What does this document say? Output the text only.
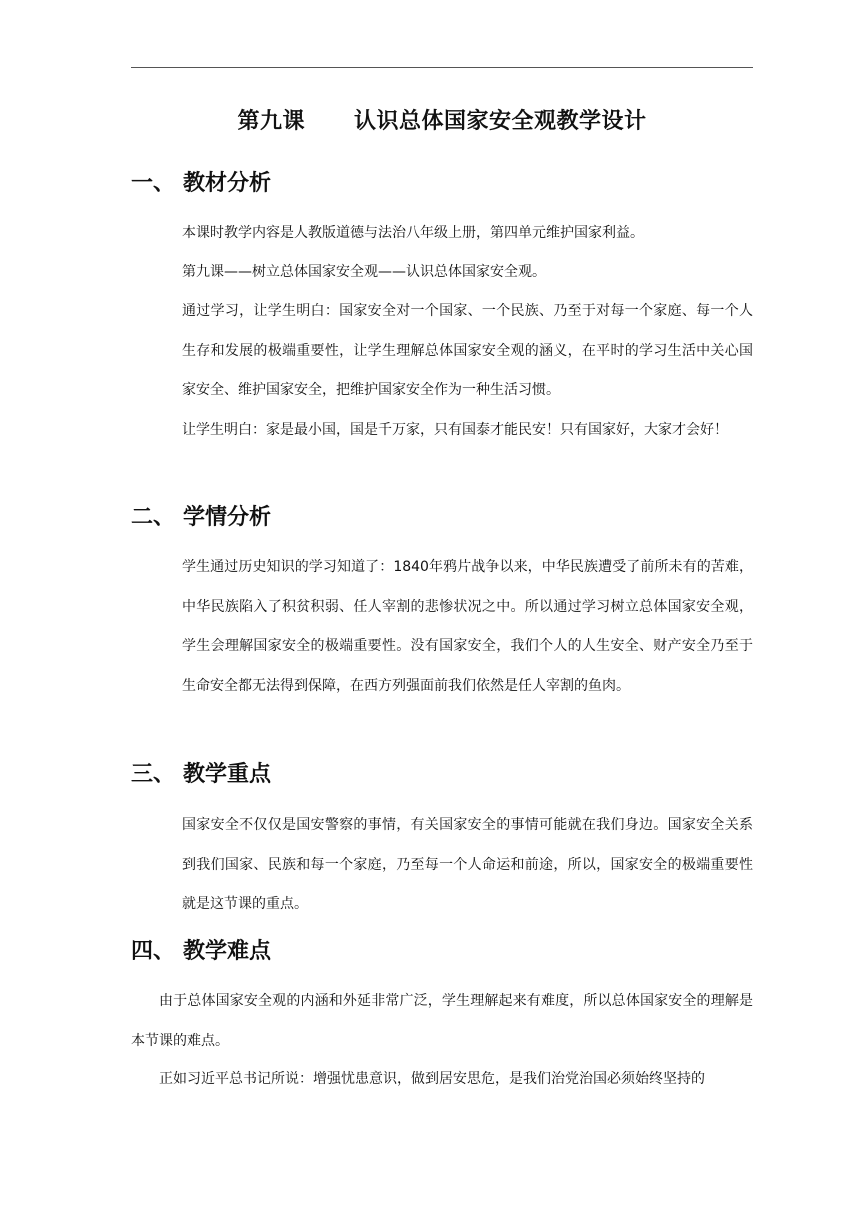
第九课      认识总体国家安全观教学设计
一、 教材分析
本课时教学内容是人教版道德与法治八年级上册，第四单元维护国家利益。
第九课——树立总体国家安全观——认识总体国家安全观。
通过学习，让学生明白：国家安全对一个国家、一个民族、乃至于对每一个家庭、每一个人生存和发展的极端重要性，让学生理解总体国家安全观的涵义，在平时的学习生活中关心国家安全、维护国家安全，把维护国家安全作为一种生活习惯。
让学生明白：家是最小国，国是千万家，只有国泰才能民安！只有国家好，大家才会好！
二、 学情分析
学生通过历史知识的学习知道了：1840年鸦片战争以来，中华民族遭受了前所未有的苦难，中华民族陷入了积贫积弱、任人宰割的悲惨状况之中。所以通过学习树立总体国家安全观，学生会理解国家安全的极端重要性。没有国家安全，我们个人的人生安全、财产安全乃至于生命安全都无法得到保障，在西方列强面前我们依然是任人宰割的鱼肉。
三、 教学重点
国家安全不仅仅是国安警察的事情，有关国家安全的事情可能就在我们身边。国家安全关系到我们国家、民族和每一个家庭，乃至每一个人命运和前途，所以，国家安全的极端重要性就是这节课的重点。
四、 教学难点
由于总体国家安全观的内涵和外延非常广泛，学生理解起来有难度，所以总体国家安全的理解是本节课的难点。
正如习近平总书记所说：增强忧患意识，做到居安思危，是我们治党治国必须始终坚持的
